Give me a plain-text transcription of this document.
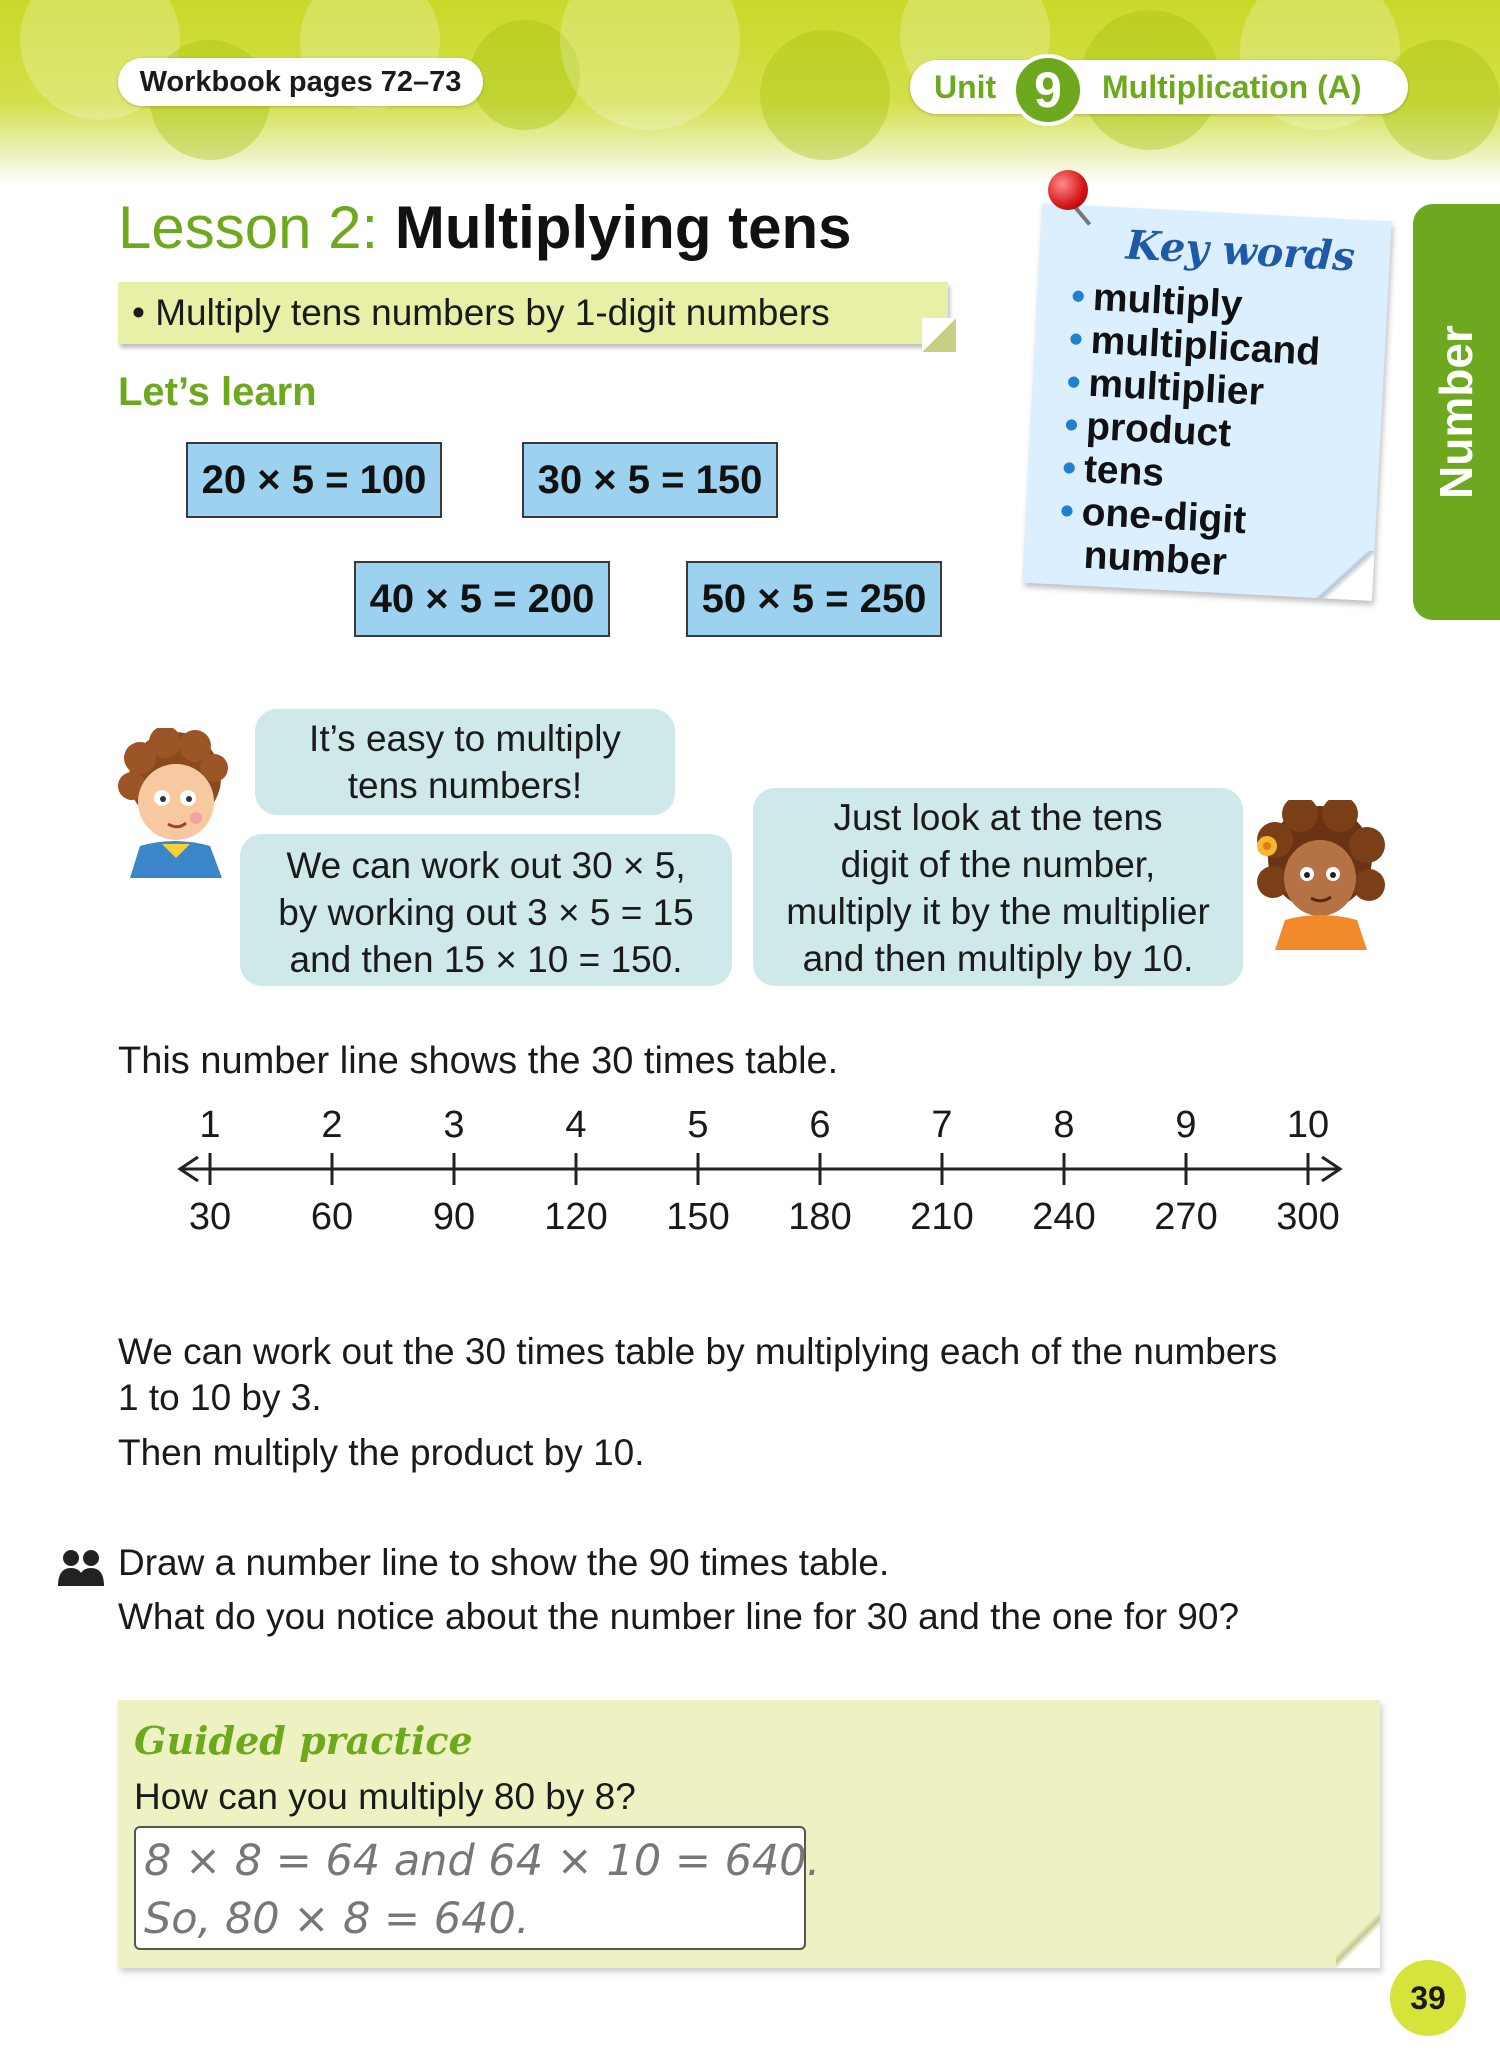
Workbook pages 72–73	Unit 9	Multiplication (A)
Lesson 2: Multiplying tens
• Multiply tens numbers by 1-digit numbers
Let’s learn
20 × 5 = 100	30 × 5 = 150
40 × 5 = 200	50 × 5 = 250
Key words
• multiply
• multiplicand
• multiplier
• product
• tens
• one-digit
number
Number
It’s easy to multiply
tens numbers!
We can work out 30 × 5,
by working out 3 × 5 = 15
and then 15 × 10 = 150.
Just look at the tens
digit of the number,
multiply it by the multiplier
and then multiply by 10.
This number line shows the 30 times table.
1
30
2
60
3
90
4
120
5
150
6
180
7
210
8
240
9
270
10
300
We can work out the 30 times table by multiplying each of the numbers
1 to 10 by 3.
Then multiply the product by 10.
Draw a number line to show the 90 times table.
What do you notice about the number line for 30 and the one for 90?
Guided practice
How can you multiply 80 by 8?
8 × 8 = 64 and 64 × 10 = 640.
So, 80 × 8 = 640.
39
